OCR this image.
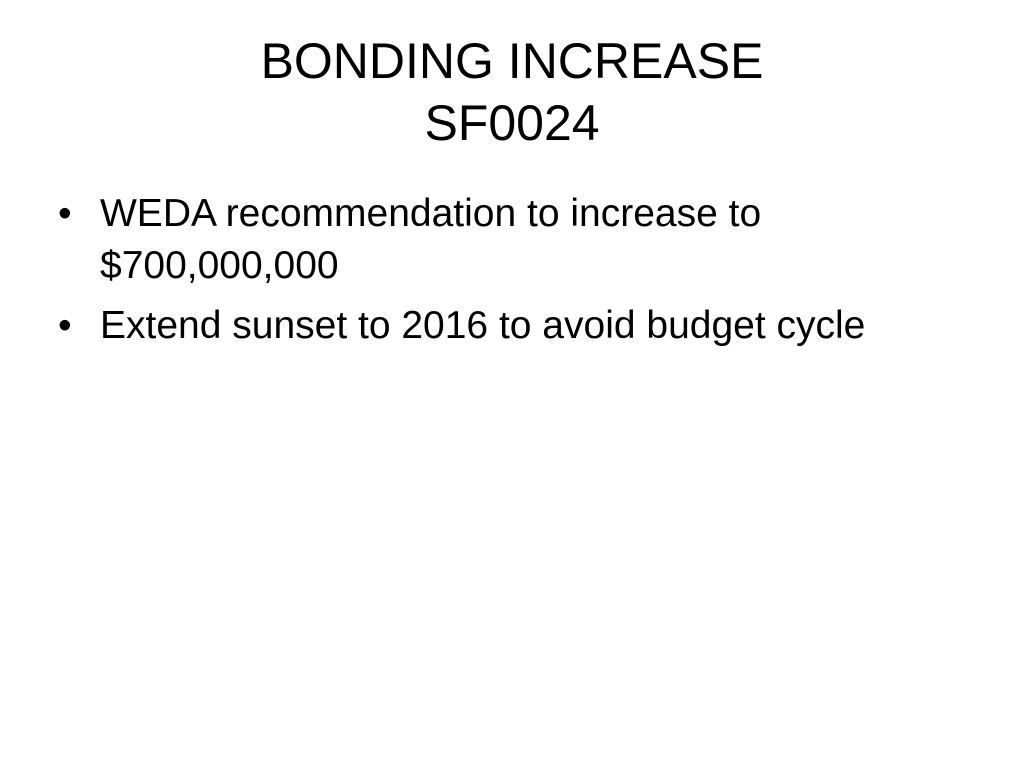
BONDING INCREASE
SF0024
• WEDA recommendation to increase to $700,000,000
• Extend sunset to 2016 to avoid budget cycle
